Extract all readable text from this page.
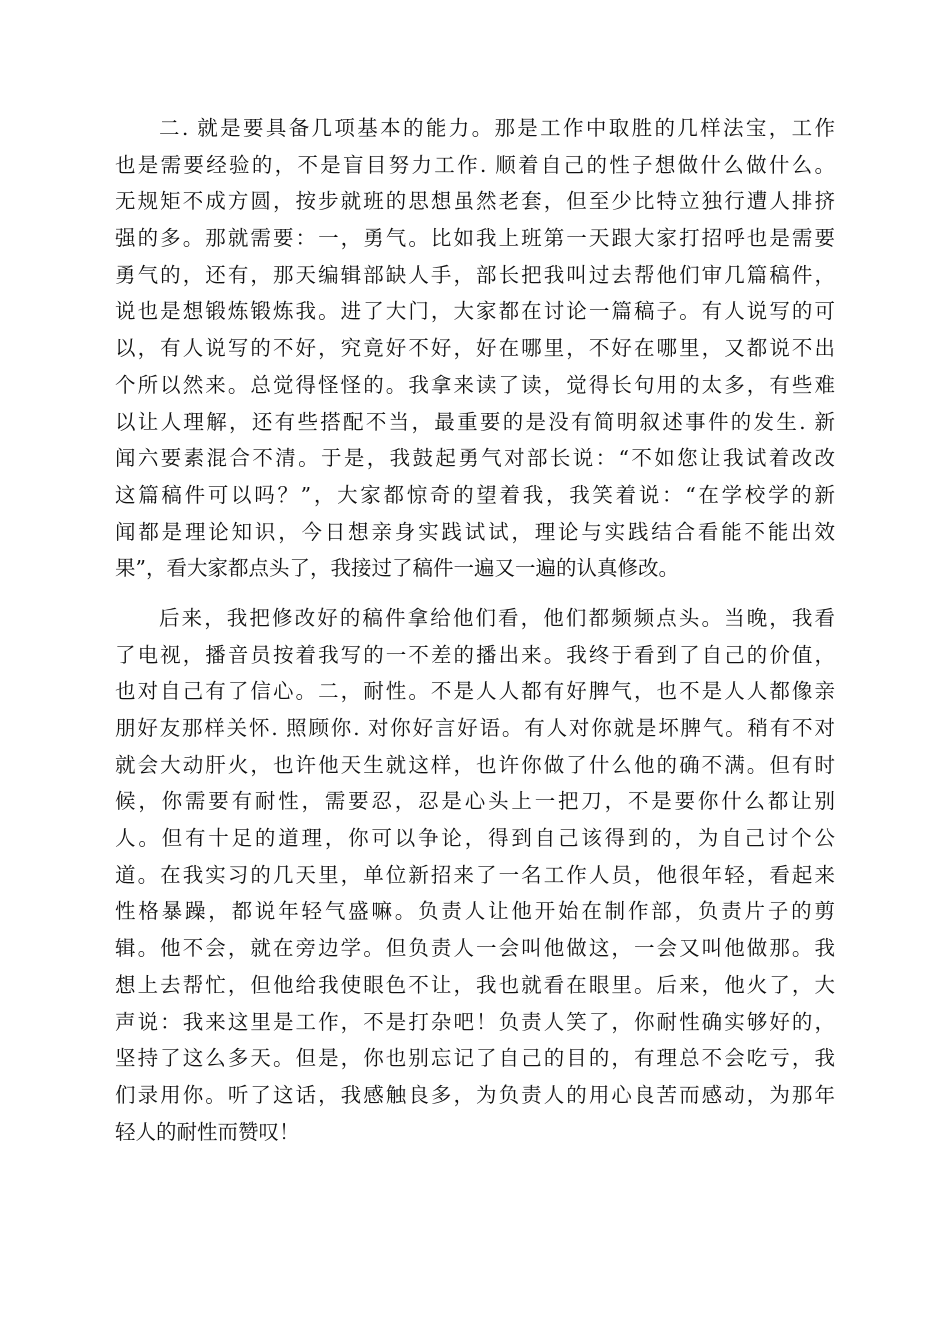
二. 就是要具备几项基本的能力。那是工作中取胜的几样法宝，工作
也是需要经验的，不是盲目努力工作. 顺着自己的性子想做什么做什么。
无规矩不成方圆，按步就班的思想虽然老套，但至少比特立独行遭人排挤
强的多。那就需要：一，勇气。比如我上班第一天跟大家打招呼也是需要
勇气的，还有，那天编辑部缺人手，部长把我叫过去帮他们审几篇稿件，
说也是想锻炼锻炼我。进了大门，大家都在讨论一篇稿子。有人说写的可
以，有人说写的不好，究竟好不好，好在哪里，不好在哪里，又都说不出
个所以然来。总觉得怪怪的。我拿来读了读，觉得长句用的太多，有些难
以让人理解，还有些搭配不当，最重要的是没有简明叙述事件的发生. 新
闻六要素混合不清。于是，我鼓起勇气对部长说：“不如您让我试着改改
这篇稿件可以吗？”，大家都惊奇的望着我，我笑着说：“在学校学的新
闻都是理论知识，今日想亲身实践试试，理论与实践结合看能不能出效
果”，看大家都点头了，我接过了稿件一遍又一遍的认真修改。
后来，我把修改好的稿件拿给他们看，他们都频频点头。当晚，我看
了电视，播音员按着我写的一不差的播出来。我终于看到了自己的价值，
也对自己有了信心。二，耐性。不是人人都有好脾气，也不是人人都像亲
朋好友那样关怀. 照顾你. 对你好言好语。有人对你就是坏脾气。稍有不对
就会大动肝火，也许他天生就这样，也许你做了什么他的确不满。但有时
候，你需要有耐性，需要忍，忍是心头上一把刀，不是要你什么都让别
人。但有十足的道理，你可以争论，得到自己该得到的，为自己讨个公
道。在我实习的几天里，单位新招来了一名工作人员，他很年轻，看起来
性格暴躁，都说年轻气盛嘛。负责人让他开始在制作部，负责片子的剪
辑。他不会，就在旁边学。但负责人一会叫他做这，一会又叫他做那。我
想上去帮忙，但他给我使眼色不让，我也就看在眼里。后来，他火了，大
声说：我来这里是工作，不是打杂吧！负责人笑了，你耐性确实够好的，
坚持了这么多天。但是，你也别忘记了自己的目的，有理总不会吃亏，我
们录用你。听了这话，我感触良多，为负责人的用心良苦而感动，为那年
轻人的耐性而赞叹！
